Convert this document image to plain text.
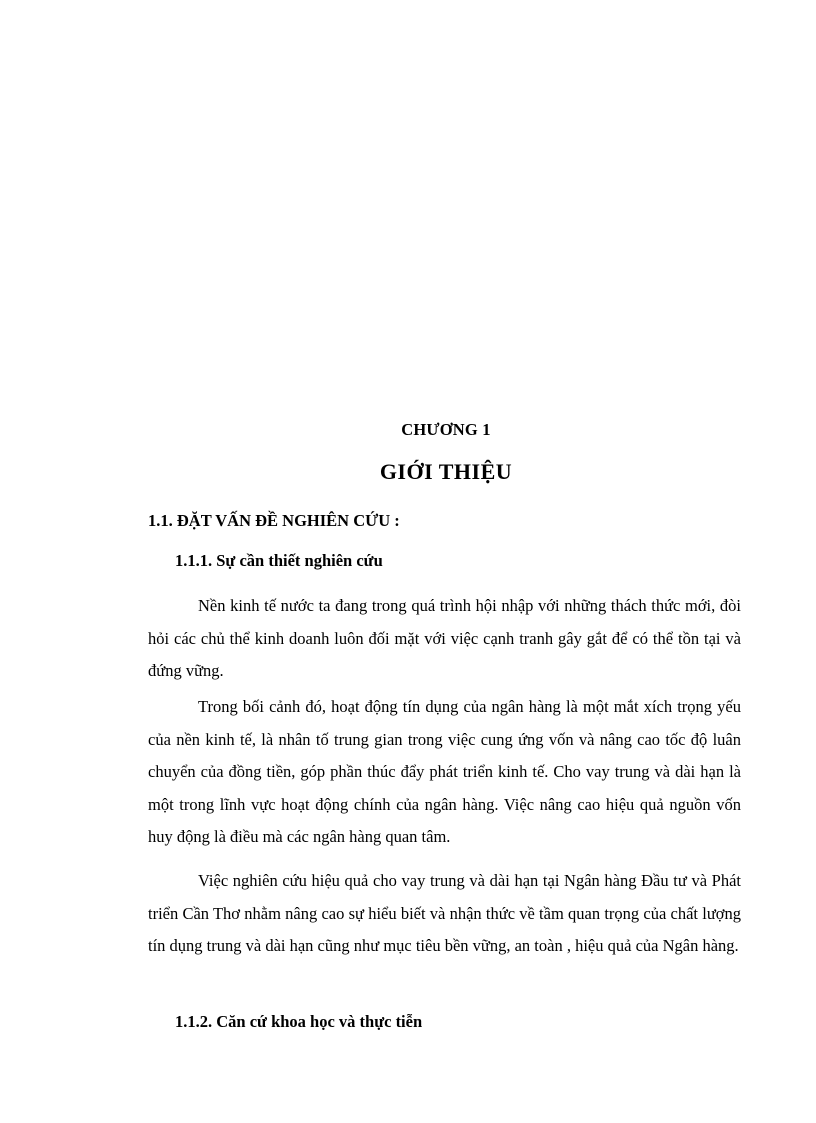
CHƯƠNG 1
GIỚI THIỆU
1.1. ĐẶT VẤN ĐỀ NGHIÊN CỨU :
1.1.1. Sự cần thiết nghiên cứu

Nền kinh tế nước ta đang trong quá trình hội nhập với những thách thức mới, đòi hỏi các chủ thể kinh doanh luôn đối mặt với việc cạnh tranh gây gắt để có thể tồn tại và đứng vững.

Trong bối cảnh đó, hoạt động tín dụng của ngân hàng là một mắt xích trọng yếu của nền kinh tế, là nhân tố trung gian trong việc cung ứng vốn và nâng cao tốc độ luân chuyển của đồng tiền, góp phần thúc đẩy phát triển kinh tế. Cho vay trung và dài hạn là một trong lĩnh vực hoạt động chính của ngân hàng. Việc nâng cao hiệu quả nguồn vốn huy động là điều mà các ngân hàng quan tâm.

Việc nghiên cứu hiệu quả cho vay trung và dài hạn tại Ngân hàng Đầu tư và Phát triển Cần Thơ nhằm nâng cao sự hiểu biết và nhận thức về tầm quan trọng của chất lượng tín dụng trung và dài hạn cũng như mục tiêu bền vững, an toàn , hiệu quả của Ngân hàng.

1.1.2. Căn cứ khoa học và thực tiễn
